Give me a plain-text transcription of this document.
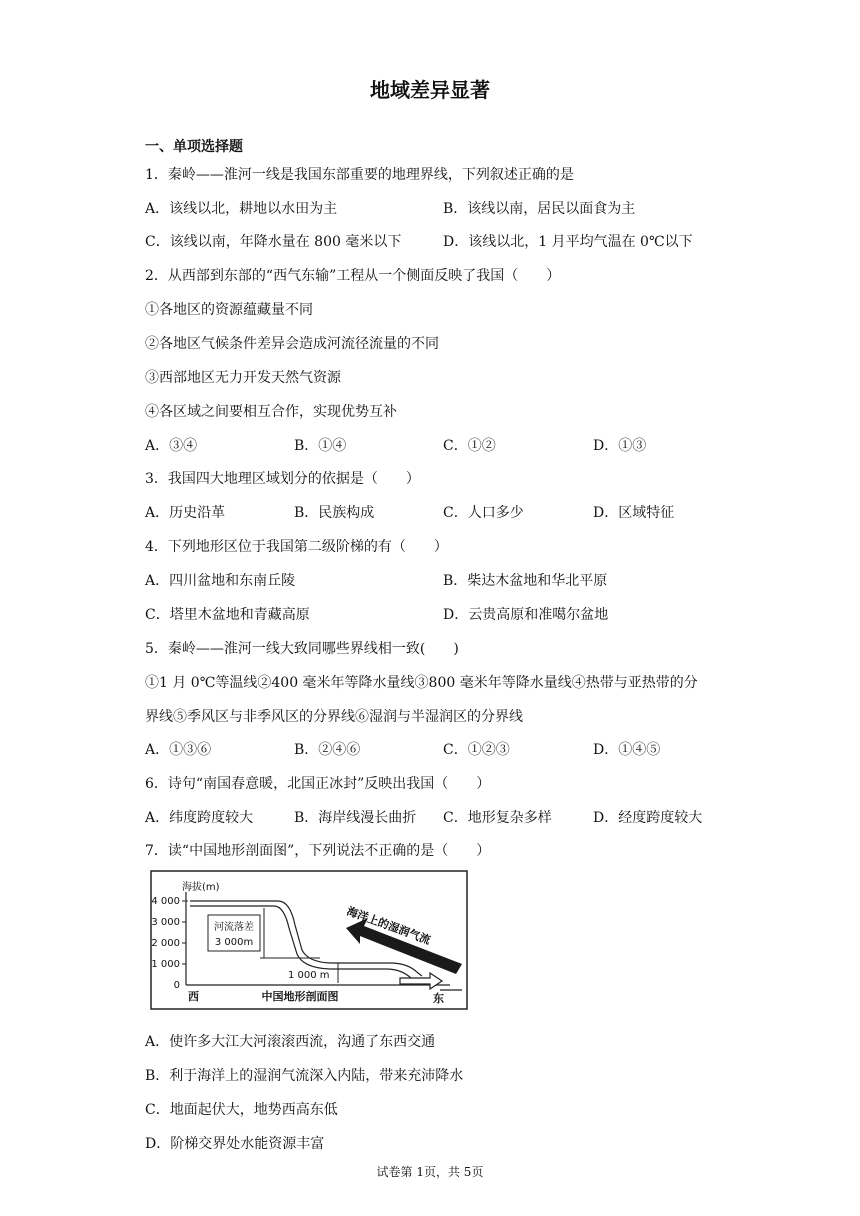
地域差异显著
一、单项选择题
1．秦岭——淮河一线是我国东部重要的地理界线，下列叙述正确的是
A．该线以北，耕地以水田为主	B．该线以南，居民以面食为主
C．该线以南，年降水量在 800 毫米以下	D．该线以北，1 月平均气温在 0℃以下
2．从西部到东部的“西气东输”工程从一个侧面反映了我国（　　）
①各地区的资源蕴藏量不同
②各地区气候条件差异会造成河流径流量的不同
③西部地区无力开发天然气资源
④各区域之间要相互合作，实现优势互补
A．③④	B．①④	C．①②	D．①③
3．我国四大地理区域划分的依据是（　　）
A．历史沿革	B．民族构成	C．人口多少	D．区域特征
4．下列地形区位于我国第二级阶梯的有（　　）
A．四川盆地和东南丘陵	B．柴达木盆地和华北平原
C．塔里木盆地和青藏高原	D．云贵高原和准噶尔盆地
5．秦岭——淮河一线大致同哪些界线相一致(　　)
①1 月 0℃等温线②400 毫米年等降水量线③800 毫米年等降水量线④热带与亚热带的分
界线⑤季风区与非季风区的分界线⑥湿润与半湿润区的分界线
A．①③⑥	B．②④⑥	C．①②③	D．①④⑤
6．诗句“南国春意暖，北国正冰封”反映出我国（　　）
A．纬度跨度较大	B．海岸线漫长曲折 C．地形复杂多样	D．经度跨度较大
7．读“中国地形剖面图”，下列说法不正确的是（　　）
海拔(m)
4 000
3 000
2 000
1 000
0
河流落差
3 000m
1 000 m
海洋上的湿润气流
西	东
中国地形剖面图
A．使许多大江大河滚滚西流，沟通了东西交通
B．利于海洋上的湿润气流深入内陆，带来充沛降水
C．地面起伏大，地势西高东低
D．阶梯交界处水能资源丰富
试卷第 1页，共 5页
